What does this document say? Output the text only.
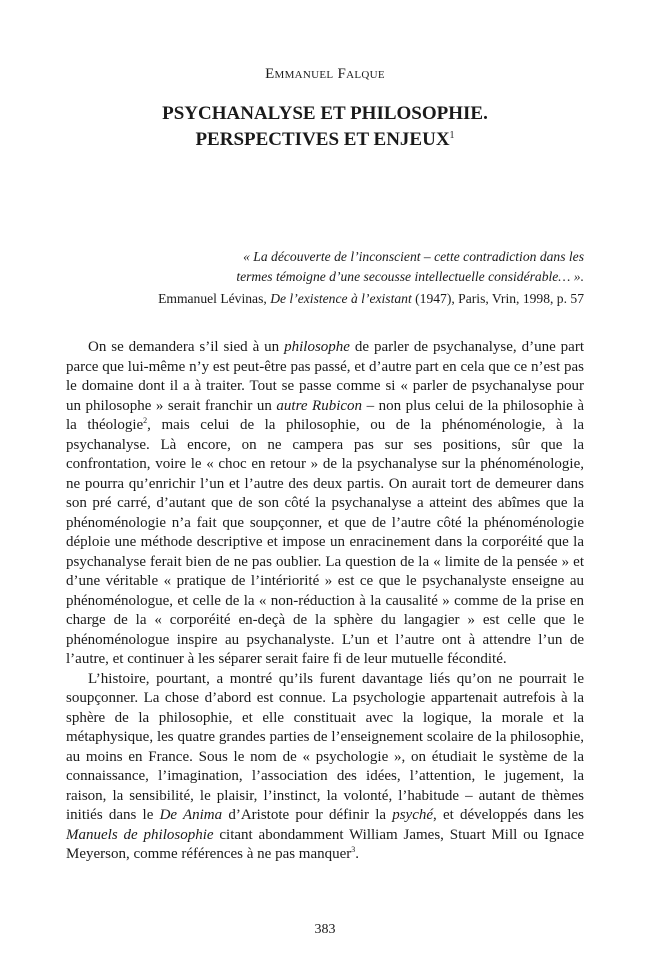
Emmanuel Falque
PSYCHANALYSE ET PHILOSOPHIE.
PERSPECTIVES ET ENJEUX$^1$
« La découverte de l’inconscient – cette contradiction dans les
termes témoigne d’une secousse intellectuelle considérable… ».
Emmanuel Lévinas, De l’existence à l’existant (1947), Paris, Vrin, 1998, p. 57

On se demandera s’il sied à un philosophe de parler de psychanalyse, d’une part parce que lui-même n’y est peut-être pas passé, et d’autre part en cela que ce n’est pas le domaine dont il a à traiter. Tout se passe comme si « parler de psychanalyse pour un philosophe » serait franchir un autre Rubicon – non plus celui de la philosophie à la théologie$^2$, mais celui de la philosophie, ou de la phénoménologie, à la psychanalyse. Là encore, on ne campera pas sur ses positions, sûr que la confrontation, voire le « choc en retour » de la psychanalyse sur la phénoménologie, ne pourra qu’enrichir l’un et l’autre des deux partis. On aurait tort de demeurer dans son pré carré, d’autant que de son côté la psychanalyse a atteint des abîmes que la phénoménologie n’a fait que soupçonner, et que de l’autre côté la phénoménologie déploie une méthode descriptive et impose un enracinement dans la corporéité que la psychanalyse ferait bien de ne pas oublier. La question de la « limite de la pensée » et d’une véritable « pratique de l’intériorité » est ce que le psychanalyste enseigne au phénoménologue, et celle de la « non-réduction à la causalité » comme de la prise en charge de la « corporéité en-deçà de la sphère du langagier » est celle que le phénoménologue inspire au psychanalyste. L’un et l’autre ont à attendre l’un de l’autre, et continuer à les séparer serait faire fi de leur mutuelle fécondité.

L’histoire, pourtant, a montré qu’ils furent davantage liés qu’on ne pourrait le soupçonner. La chose d’abord est connue. La psychologie appartenait autrefois à la sphère de la philosophie, et elle constituait avec la logique, la morale et la métaphysique, les quatre grandes parties de l’enseignement scolaire de la philosophie, au moins en France. Sous le nom de « psychologie », on étudiait le système de la connaissance, l’imagination, l’association des idées, l’attention, le jugement, la raison, la sensibilité, le plaisir, l’instinct, la volonté, l’habitude – autant de thèmes initiés dans le De Anima d’Aristote pour définir la psyché, et développés dans les Manuels de philosophie citant abondamment William James, Stuart Mill ou Ignace Meyerson, comme références à ne pas manquer$^3$.

383
